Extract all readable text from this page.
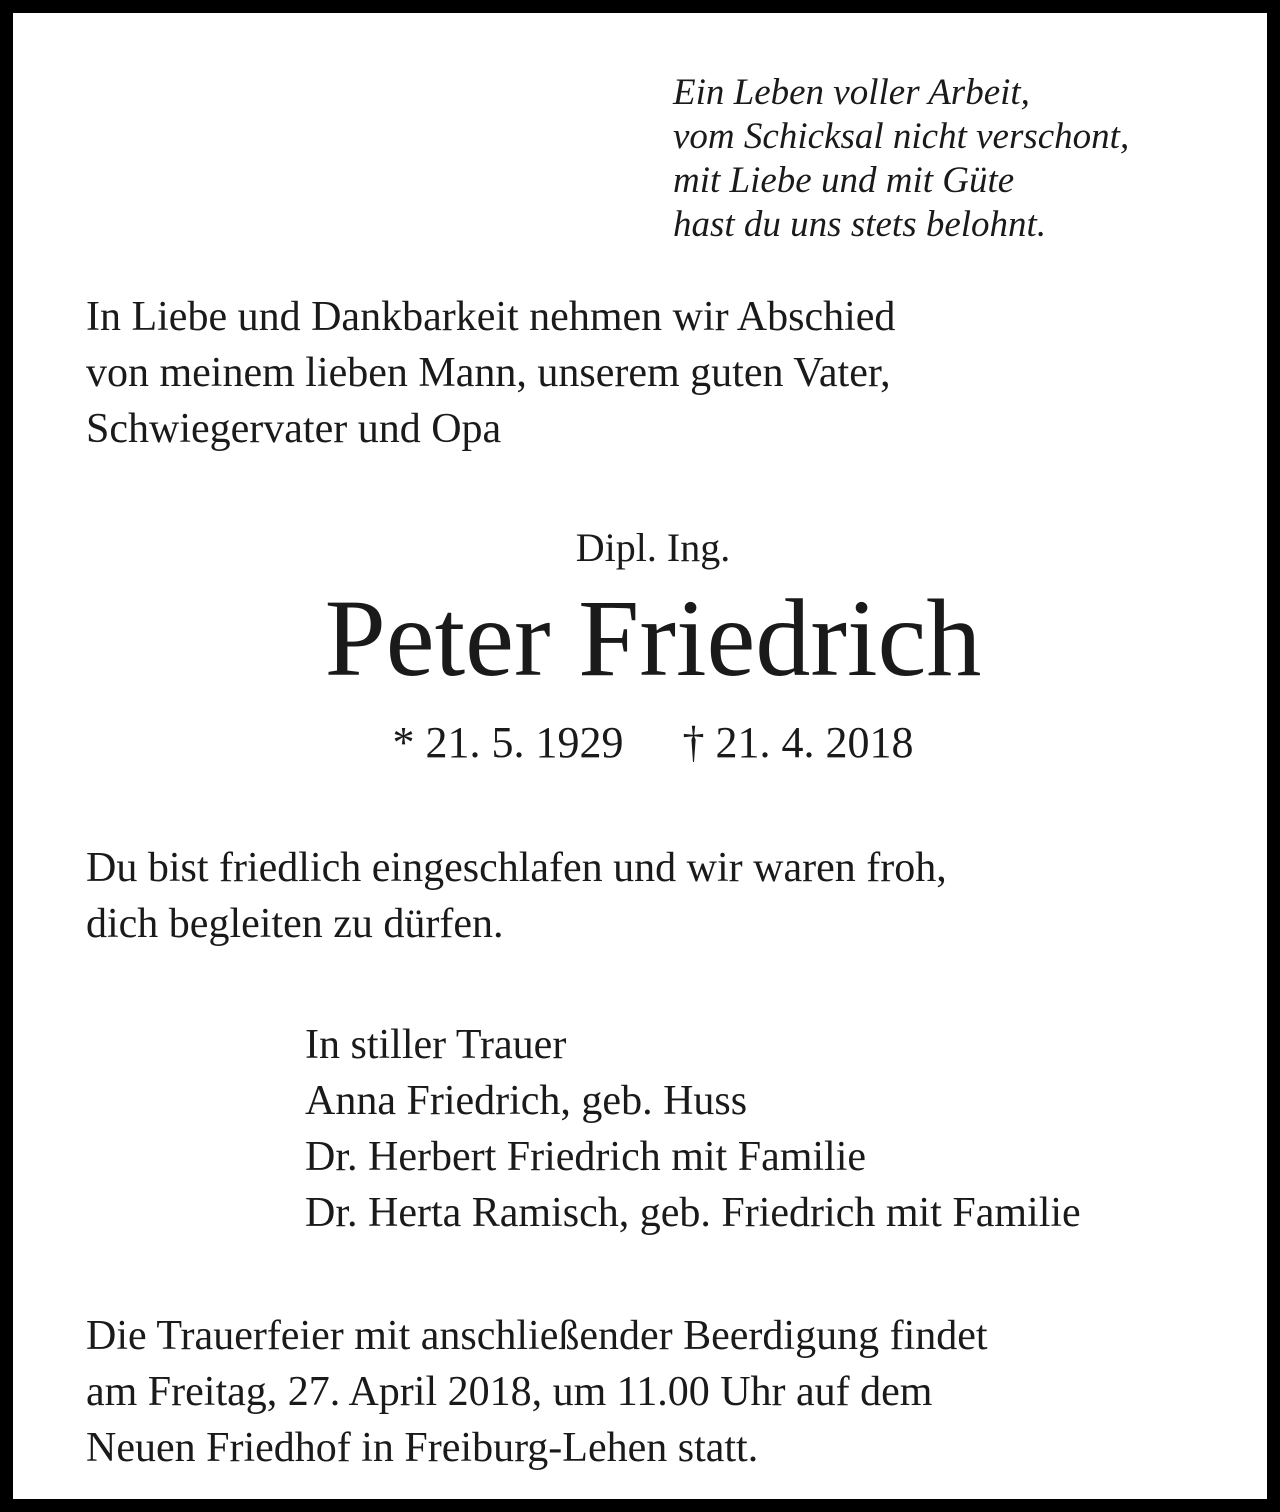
Ein Leben voller Arbeit,
vom Schicksal nicht verschont,
mit Liebe und mit Güte
hast du uns stets belohnt.
In Liebe und Dankbarkeit nehmen wir Abschied
von meinem lieben Mann, unserem guten Vater,
Schwiegervater und Opa
Dipl. Ing.
Peter Friedrich
* 21. 5. 1929 † 21. 4. 2018
Du bist friedlich eingeschlafen und wir waren froh,
dich begleiten zu dürfen.
In stiller Trauer
Anna Friedrich, geb. Huss
Dr. Herbert Friedrich mit Familie
Dr. Herta Ramisch, geb. Friedrich mit Familie
Die Trauerfeier mit anschließender Beerdigung findet
am Freitag, 27. April 2018, um 11.00 Uhr auf dem
Neuen Friedhof in Freiburg-Lehen statt.
